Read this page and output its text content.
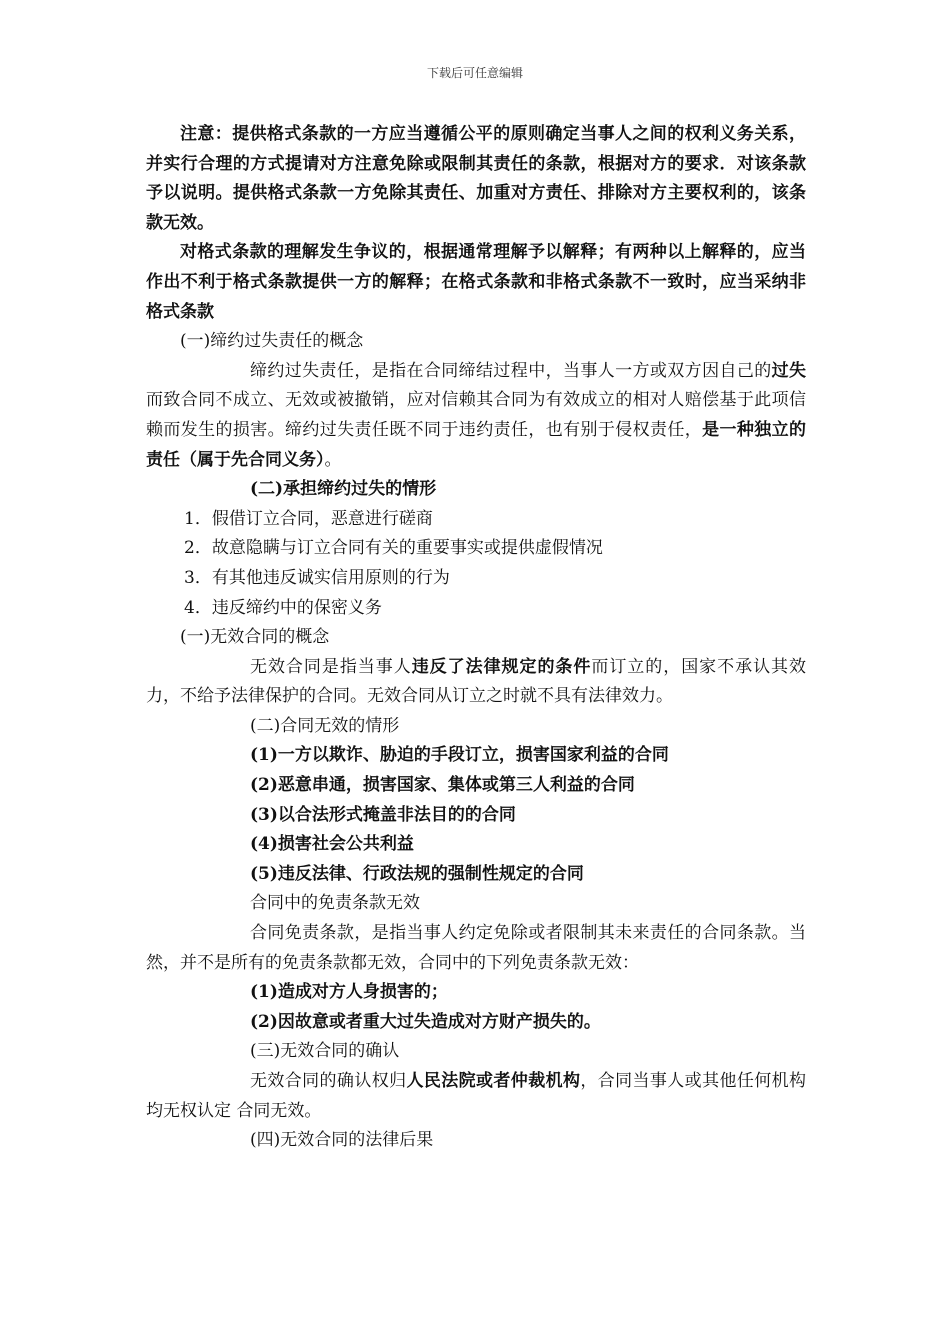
下载后可任意编辑

注意：提供格式条款的一方应当遵循公平的原则确定当事人之间的权利义务关系，并实行合理的方式提请对方注意免除或限制其责任的条款，根据对方的要求．对该条款予以说明。提供格式条款一方免除其责任、加重对方责任、排除对方主要权利的，该条款无效。

对格式条款的理解发生争议的，根据通常理解予以解释；有两种以上解释的，应当作出不利于格式条款提供一方的解释；在格式条款和非格式条款不一致时，应当采纳非格式条款

(一)缔约过失责任的概念

缔约过失责任，是指在合同缔结过程中，当事人一方或双方因自己的过失而致合同不成立、无效或被撤销，应对信赖其合同为有效成立的相对人赔偿基于此项信赖而发生的损害。缔约过失责任既不同于违约责任，也有别于侵权责任，是一种独立的责任（属于先合同义务）。

(二)承担缔约过失的情形

1．假借订立合同，恶意进行磋商

2．故意隐瞒与订立合同有关的重要事实或提供虚假情况

3．有其他违反诚实信用原则的行为

4．违反缔约中的保密义务

(一)无效合同的概念

无效合同是指当事人违反了法律规定的条件而订立的，国家不承认其效力，不给予法律保护的合同。无效合同从订立之时就不具有法律效力。

(二)合同无效的情形

(1)一方以欺诈、胁迫的手段订立，损害国家利益的合同

(2)恶意串通，损害国家、集体或第三人利益的合同

(3)以合法形式掩盖非法目的的合同

(4)损害社会公共利益

(5)违反法律、行政法规的强制性规定的合同

合同中的免责条款无效

合同免责条款，是指当事人约定免除或者限制其未来责任的合同条款。当然，并不是所有的免责条款都无效，合同中的下列免责条款无效：

(1)造成对方人身损害的；

(2)因故意或者重大过失造成对方财产损失的。

(三)无效合同的确认

无效合同的确认权归人民法院或者仲裁机构，合同当事人或其他任何机构均无权认定 合同无效。

(四)无效合同的法律后果
